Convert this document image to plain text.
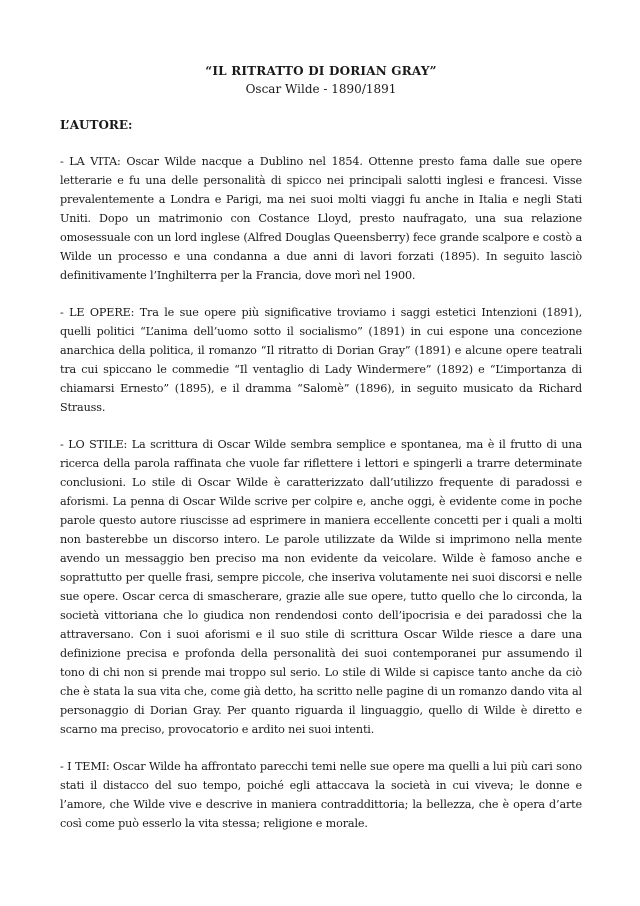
“IL RITRATTO DI DORIAN GRAY”
Oscar Wilde - 1890/1891
L’AUTORE:

- LA VITA: Oscar Wilde nacque a Dublino nel 1854. Ottenne presto fama dalle sue opere letterarie e fu una delle personalità di spicco nei principali salotti inglesi e francesi. Visse prevalentemente a Londra e Parigi, ma nei suoi molti viaggi fu anche in Italia e negli Stati Uniti. Dopo un matrimonio con Costance Lloyd, presto naufragato, una sua relazione omosessuale con un lord inglese (Alfred Douglas Queensberry) fece grande scalpore e costò a Wilde un processo e una condanna a due anni di lavori forzati (1895). In seguito lasciò definitivamente l’Inghilterra per la Francia, dove morì nel 1900.

- LE OPERE: Tra le sue opere più significative troviamo i saggi estetici Intenzioni (1891), quelli politici “L’anima dell’uomo sotto il socialismo” (1891) in cui espone una concezione anarchica della politica, il romanzo “Il ritratto di Dorian Gray” (1891) e alcune opere teatrali tra cui spiccano le commedie “Il ventaglio di Lady Windermere” (1892) e “L’importanza di chiamarsi Ernesto” (1895), e il dramma “Salomè” (1896), in seguito musicato da Richard Strauss.

- LO STILE: La scrittura di Oscar Wilde sembra semplice e spontanea, ma è il frutto di una ricerca della parola raffinata che vuole far riflettere i lettori e spingerli a trarre determinate conclusioni. Lo stile di Oscar Wilde è caratterizzato dall’utilizzo frequente di paradossi e aforismi. La penna di Oscar Wilde scrive per colpire e, anche oggi, è evidente come in poche parole questo autore riuscisse ad esprimere in maniera eccellente concetti per i quali a molti non basterebbe un discorso intero. Le parole utilizzate da Wilde si imprimono nella mente avendo un messaggio ben preciso ma non evidente da veicolare. Wilde è famoso anche e soprattutto per quelle frasi, sempre piccole, che inserivа volutamente nei suoi discorsi e nelle sue opere. Oscar cerca di smascherare, grazie alle sue opere, tutto quello che lo circonda, la società vittoriana che lo giudica non rendendosi conto dell’ipocrisia e dei paradossi che la attraversano. Con i suoi aforismi e il suo stile di scrittura Oscar Wilde riesce a dare una definizione precisa e profonda della personalità dei suoi contemporanei pur assumendo il tono di chi non si prende mai troppo sul serio. Lo stile di Wilde si capisce tanto anche da ciò che è stata la sua vita che, come già detto, ha scritto nelle pagine di un romanzo dando vita al personaggio di Dorian Gray. Per quanto riguarda il linguaggio, quello di Wilde è diretto e scarno ma preciso, provocatorio e ardito nei suoi intenti.

- I TEMI: Oscar Wilde ha affrontato parecchi temi nelle sue opere ma quelli a lui più cari sono stati il distacco del suo tempo, poiché egli attaccava la società in cui viveva; le donne e l’amore, che Wilde vive e descrive in maniera contraddittoria; la bellezza, che è opera d’arte così come può esserlo la vita stessa; religione e morale.
